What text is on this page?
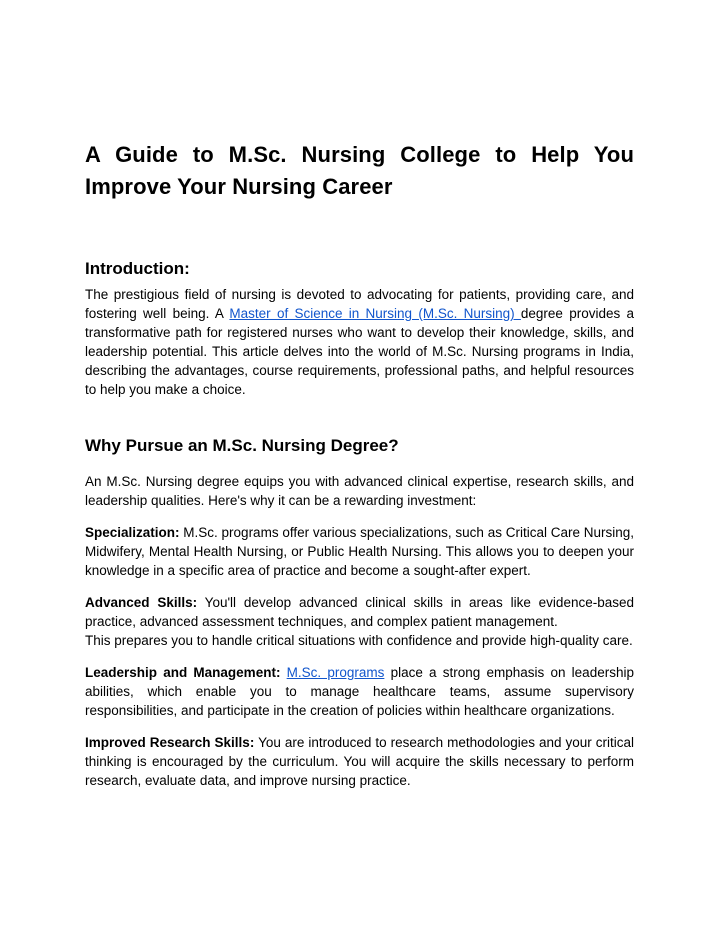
A Guide to M.Sc. Nursing College to Help You Improve Your Nursing Career
Introduction:

The prestigious field of nursing is devoted to advocating for patients, providing care, and fostering well being. A Master of Science in Nursing (M.Sc. Nursing) degree provides a transformative path for registered nurses who want to develop their knowledge, skills, and leadership potential. This article delves into the world of M.Sc. Nursing programs in India, describing the advantages, course requirements, professional paths, and helpful resources to help you make a choice.

Why Pursue an M.Sc. Nursing Degree?

An M.Sc. Nursing degree equips you with advanced clinical expertise, research skills, and leadership qualities. Here's why it can be a rewarding investment:

Specialization: M.Sc. programs offer various specializations, such as Critical Care Nursing, Midwifery, Mental Health Nursing, or Public Health Nursing. This allows you to deepen your knowledge in a specific area of practice and become a sought-after expert.

Advanced Skills: You'll develop advanced clinical skills in areas like evidence-based practice, advanced assessment techniques, and complex patient management.
This prepares you to handle critical situations with confidence and provide high-quality care.

Leadership and Management: M.Sc. programs place a strong emphasis on leadership abilities, which enable you to manage healthcare teams, assume supervisory responsibilities, and participate in the creation of policies within healthcare organizations.

Improved Research Skills: You are introduced to research methodologies and your critical thinking is encouraged by the curriculum. You will acquire the skills necessary to perform research, evaluate data, and improve nursing practice.
